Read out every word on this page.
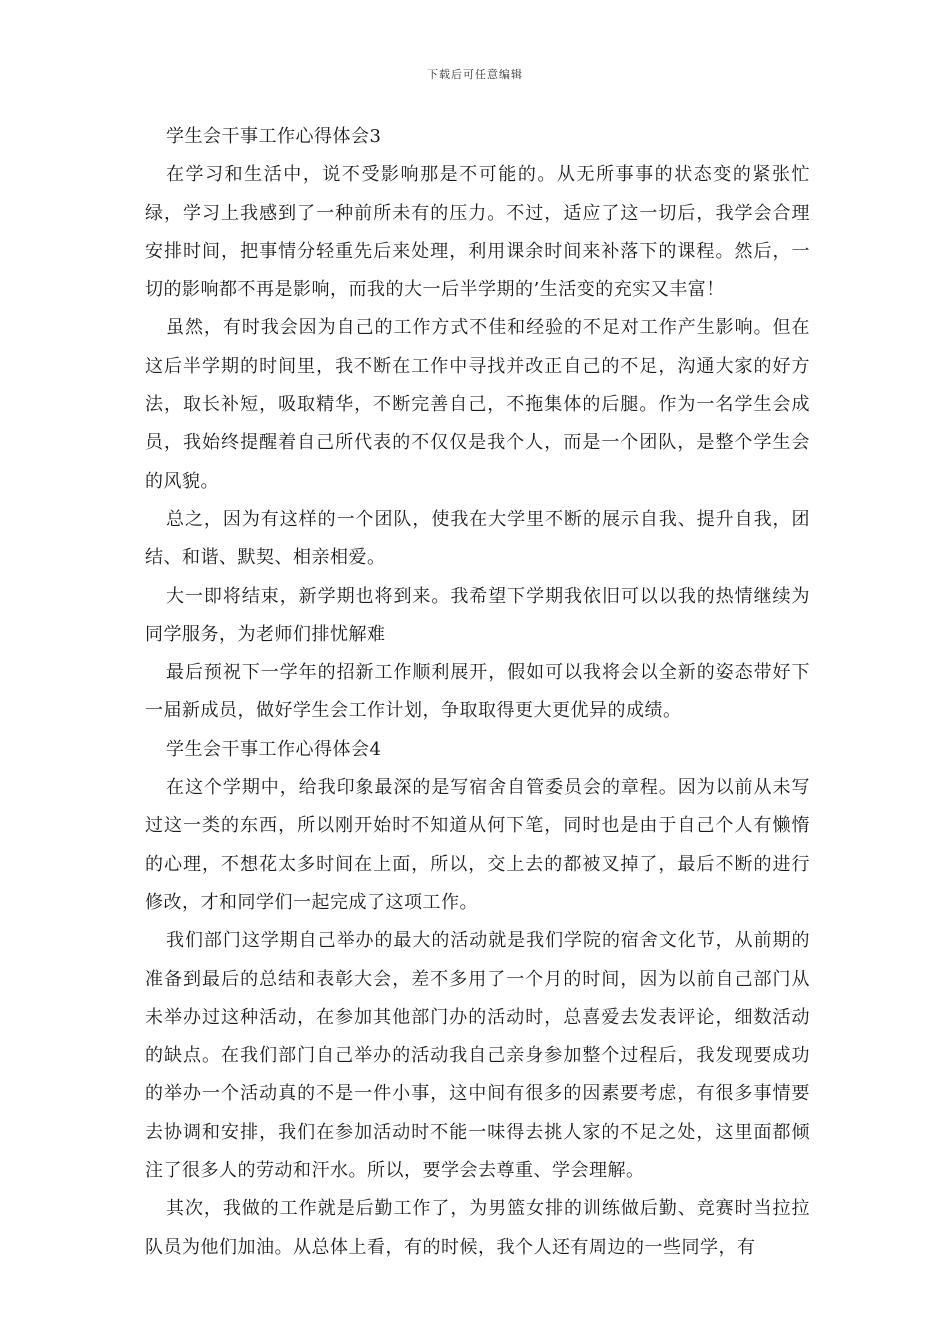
下载后可任意编辑

学生会干事工作心得体会3

在学习和生活中，说不受影响那是不可能的。从无所事事的状态变的紧张忙绿，学习上我感到了一种前所未有的压力。不过，适应了这一切后，我学会合理安排时间，把事情分轻重先后来处理，利用课余时间来补落下的课程。然后，一切的影响都不再是影响，而我的大一后半学期的’生活变的充实又丰富！

虽然，有时我会因为自己的工作方式不佳和经验的不足对工作产生影响。但在这后半学期的时间里，我不断在工作中寻找并改正自己的不足，沟通大家的好方法，取长补短，吸取精华，不断完善自己，不拖集体的后腿。作为一名学生会成员，我始终提醒着自己所代表的不仅仅是我个人，而是一个团队，是整个学生会的风貌。

总之，因为有这样的一个团队，使我在大学里不断的展示自我、提升自我，团结、和谐、默契、相亲相爱。

大一即将结束，新学期也将到来。我希望下学期我依旧可以以我的热情继续为同学服务，为老师们排忧解难

最后预祝下一学年的招新工作顺利展开，假如可以我将会以全新的姿态带好下一届新成员，做好学生会工作计划，争取取得更大更优异的成绩。

学生会干事工作心得体会4

在这个学期中，给我印象最深的是写宿舍自管委员会的章程。因为以前从未写过这一类的东西，所以刚开始时不知道从何下笔，同时也是由于自己个人有懒惰的心理，不想花太多时间在上面，所以，交上去的都被叉掉了，最后不断的进行修改，才和同学们一起完成了这项工作。

我们部门这学期自己举办的最大的活动就是我们学院的宿舍文化节，从前期的准备到最后的总结和表彰大会，差不多用了一个月的时间，因为以前自己部门从未举办过这种活动，在参加其他部门办的活动时，总喜爱去发表评论，细数活动的缺点。在我们部门自己举办的活动我自己亲身参加整个过程后，我发现要成功的举办一个活动真的不是一件小事，这中间有很多的因素要考虑，有很多事情要去协调和安排，我们在参加活动时不能一味得去挑人家的不足之处，这里面都倾注了很多人的劳动和汗水。所以，要学会去尊重、学会理解。

其次，我做的工作就是后勤工作了，为男篮女排的训练做后勤、竞赛时当拉拉队员为他们加油。从总体上看，有的时候，我个人还有周边的一些同学，有
